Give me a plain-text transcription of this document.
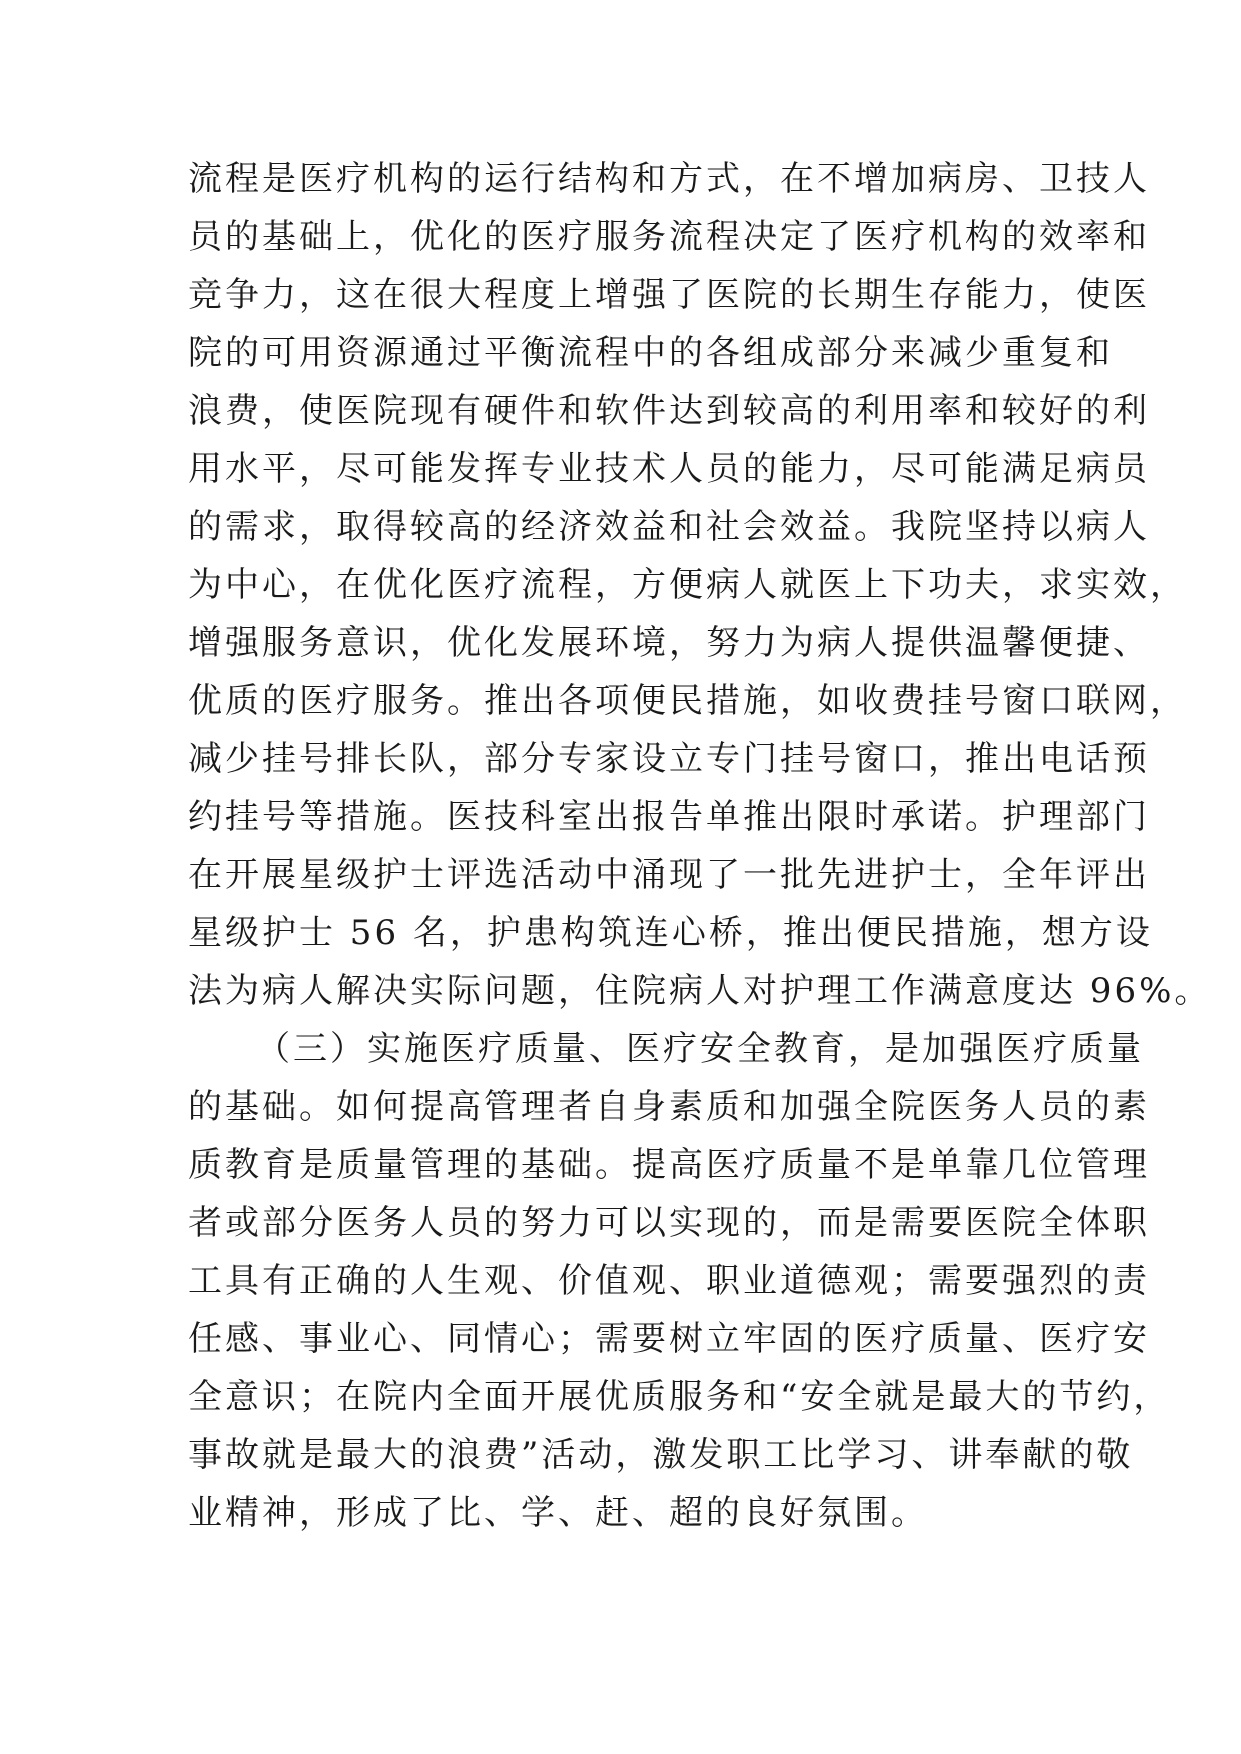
流程是医疗机构的运行结构和方式，在不增加病房、卫技人
员的基础上，优化的医疗服务流程决定了医疗机构的效率和
竞争力，这在很大程度上增强了医院的长期生存能力，使医
院的可用资源通过平衡流程中的各组成部分来减少重复和
浪费，使医院现有硬件和软件达到较高的利用率和较好的利
用水平，尽可能发挥专业技术人员的能力，尽可能满足病员
的需求，取得较高的经济效益和社会效益。我院坚持以病人
为中心，在优化医疗流程，方便病人就医上下功夫，求实效，
增强服务意识，优化发展环境，努力为病人提供温馨便捷、
优质的医疗服务。推出各项便民措施，如收费挂号窗口联网，
减少挂号排长队，部分专家设立专门挂号窗口，推出电话预
约挂号等措施。医技科室出报告单推出限时承诺。护理部门
在开展星级护士评选活动中涌现了一批先进护士，全年评出
星级护士 56 名，护患构筑连心桥，推出便民措施，想方设
法为病人解决实际问题，住院病人对护理工作满意度达 96%。
（三）实施医疗质量、医疗安全教育，是加强医疗质量
的基础。如何提高管理者自身素质和加强全院医务人员的素
质教育是质量管理的基础。提高医疗质量不是单靠几位管理
者或部分医务人员的努力可以实现的，而是需要医院全体职
工具有正确的人生观、价值观、职业道德观；需要强烈的责
任感、事业心、同情心；需要树立牢固的医疗质量、医疗安
全意识；在院内全面开展优质服务和“安全就是最大的节约，
事故就是最大的浪费”活动，激发职工比学习、讲奉献的敬
业精神，形成了比、学、赶、超的良好氛围。
